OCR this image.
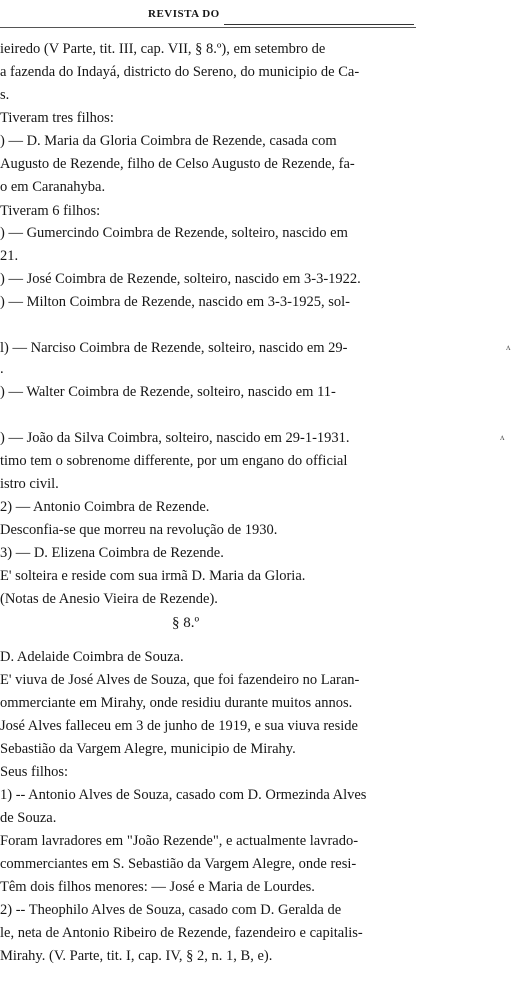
REVISTA DO
ieiredo (V Parte, tit. III, cap. VII, § 8.º), em setembro de
a fazenda do Indayá, districto do Sereno, do municipio de Ca-
s.
Tiveram tres filhos:
) — D. Maria da Gloria Coimbra de Rezende, casada com
Augusto de Rezende, filho de Celso Augusto de Rezende, fa-
o em Caranahyba.
Tiveram 6 filhos:
) — Gumercindo Coimbra de Rezende, solteiro, nascido em
21.
) — José Coimbra de Rezende, solteiro, nascido em 3-3-1922.
) — Milton Coimbra de Rezende, nascido em 3-3-1925, sol-
l) — Narciso Coimbra de Rezende, solteiro, nascido em 29-
.
) — Walter Coimbra de Rezende, solteiro, nascido em 11-
) — João da Silva Coimbra, solteiro, nascido em 29-1-1931.
timo tem o sobrenome differente, por um engano do official
istro civil.
2) — Antonio Coimbra de Rezende.
Desconfia-se que morreu na revolução de 1930.
3) — D. Elizena Coimbra de Rezende.
E' solteira e reside com sua irmã D. Maria da Gloria.
(Notas de Anesio Vieira de Rezende).
§ 8.º
D. Adelaide Coimbra de Souza.
E' viuva de José Alves de Souza, que foi fazendeiro no Laran-
ommerciante em Mirahy, onde residiu durante muitos annos.
José Alves falleceu em 3 de junho de 1919, e sua viuva reside
Sebastião da Vargem Alegre, municipio de Mirahy.
Seus filhos:
1) -- Antonio Alves de Souza, casado com D. Ormezinda Alves
de Souza.
Foram lavradores em "João Rezende", e actualmente lavrado-
commerciantes em S. Sebastião da Vargem Alegre, onde resi-
Têm dois filhos menores: — José e Maria de Lourdes.
2) -- Theophilo Alves de Souza, casado com D. Geralda de
le, neta de Antonio Ribeiro de Rezende, fazendeiro e capitalis-
Mirahy. (V. Parte, tit. I, cap. IV, § 2, n. 1, B, e).
ʌ
ʌ
